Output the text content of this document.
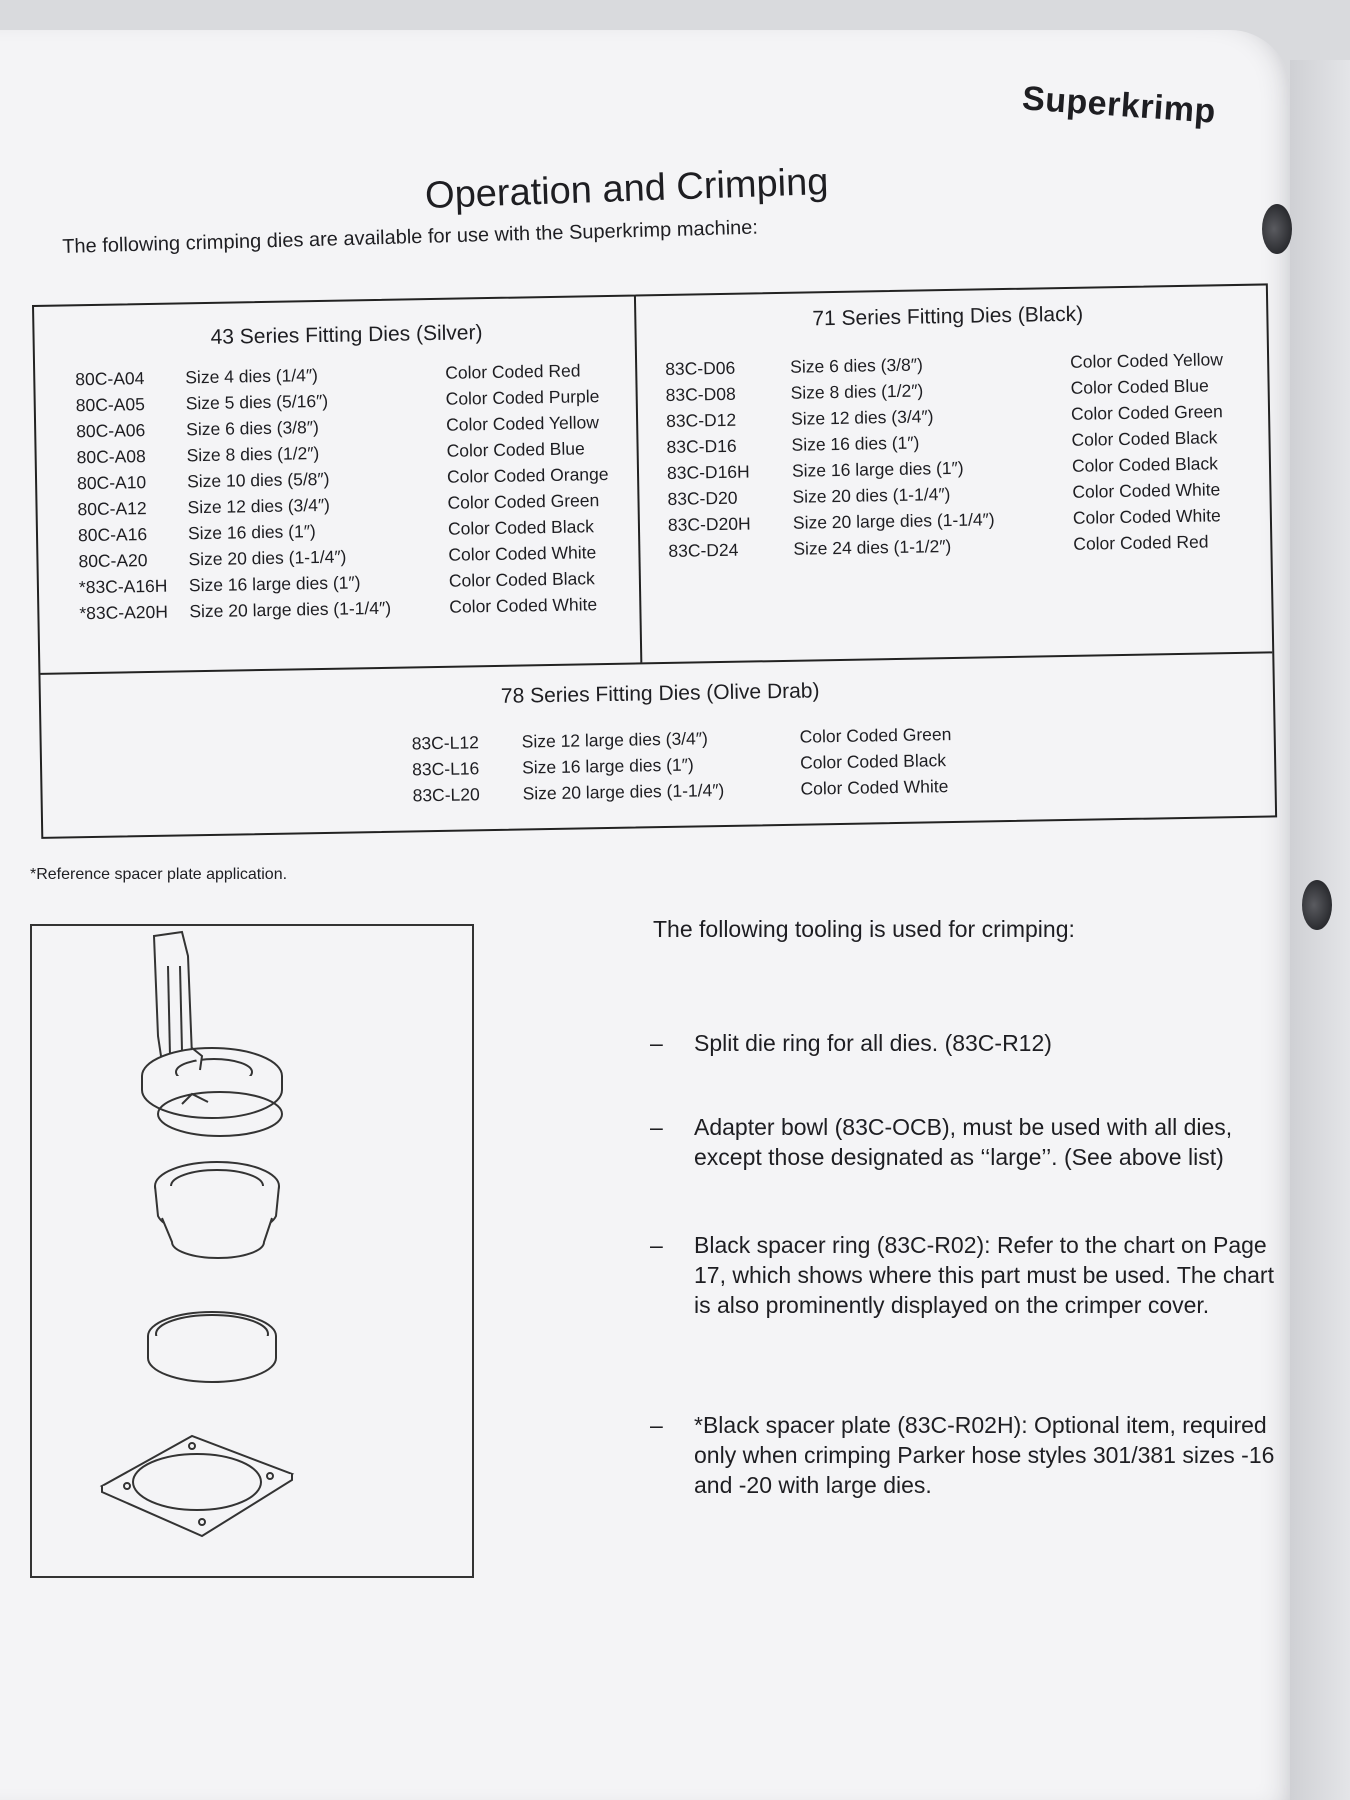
Superkrimp
Operation and Crimping
The following crimping dies are available for use with the Superkrimp machine:
43 Series Fitting Dies (Silver)
80C-A04	Size 4 dies (1/4″)	Color Coded Red
80C-A05	Size 5 dies (5/16″)	Color Coded Purple
80C-A06	Size 6 dies (3/8″)	Color Coded Yellow
80C-A08	Size 8 dies (1/2″)	Color Coded Blue
80C-A10	Size 10 dies (5/8″)	Color Coded Orange
80C-A12	Size 12 dies (3/4″)	Color Coded Green
80C-A16	Size 16 dies (1″)	Color Coded Black
80C-A20	Size 20 dies (1-1/4″)	Color Coded White
*83C-A16H	Size 16 large dies (1″)	Color Coded Black
*83C-A20H	Size 20 large dies (1-1/4″)	Color Coded White
71 Series Fitting Dies (Black)
83C-D06	Size 6 dies (3/8″)	Color Coded Yellow
83C-D08	Size 8 dies (1/2″)	Color Coded Blue
83C-D12	Size 12 dies (3/4″)	Color Coded Green
83C-D16	Size 16 dies (1″)	Color Coded Black
83C-D16H	Size 16 large dies (1″)	Color Coded Black
83C-D20	Size 20 dies (1-1/4″)	Color Coded White
83C-D20H	Size 20 large dies (1-1/4″)	Color Coded White
83C-D24	Size 24 dies (1-1/2″)	Color Coded Red
78 Series Fitting Dies (Olive Drab)
83C-L12	Size 12 large dies (3/4″)	Color Coded Green
83C-L16	Size 16 large dies (1″)	Color Coded Black
83C-L20	Size 20 large dies (1-1/4″)	Color Coded White
*Reference spacer plate application.
The following tooling is used for crimping:
–	Split die ring for all dies. (83C-R12)
–	Adapter bowl (83C-OCB), must be used with all dies, except those designated as ‘‘large’’. (See above list)
–	Black spacer ring (83C-R02): Refer to the chart on Page 17, which shows where this part must be used. The chart is also prominently displayed on the crimper cover.
–	*Black spacer plate (83C-R02H): Optional item, required only when crimping Parker hose styles 301/381 sizes -16 and -20 with large dies.
